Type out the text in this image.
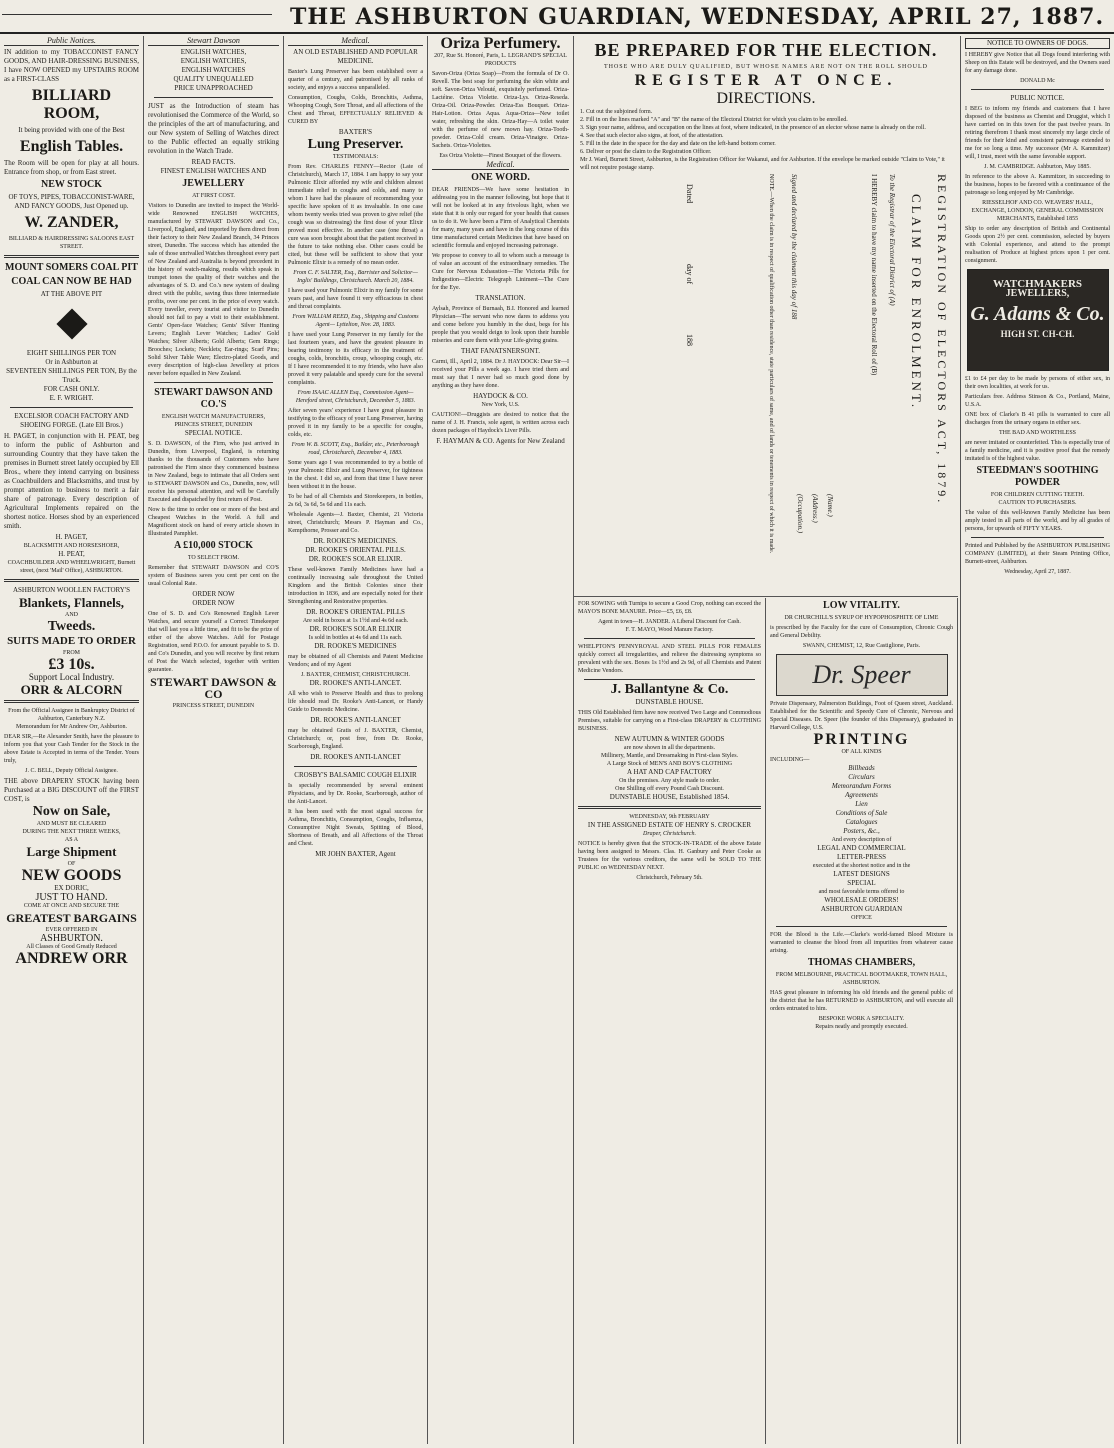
THE ASHBURTON GUARDIAN, WEDNESDAY, APRIL 27, 1887.
Public Notices.
IN addition to my TOBACCONIST FANCY GOODS, AND HAIR-DRESSING BUSINESS, I have NOW OPENED my UPSTAIRS ROOM as a FIRST-CLASS
BILLIARD ROOM,
It being provided with one of the Best
English Tables.
The Room will be open for play at all hours. Entrance from shop, or from East street.
NEW STOCK
OF TOYS, PIPES, TOBACCONIST-WARE, AND FANCY GOODS, Just Opened up.
W. ZANDER,
BILLIARD & HAIRDRESSING SALOONS EAST STREET.
MOUNT SOMERS COAL PIT
COAL CAN NOW BE HAD
AT THE ABOVE PIT
EIGHT SHILLINGS PER TON
Or in Ashburton at
SEVENTEEN SHILLINGS PER TON, By the Truck.
FOR CASH ONLY.
E. F. WRIGHT.
EXCELSIOR COACH FACTORY AND SHOEING FORGE. (Late Ell Bros.)
H. PAGET, in conjunction with H. PEAT, beg to inform the public of Ashburton and surrounding Country that they have taken the premises in Burnett street lately occupied by Ell Bros., where they intend carrying on business as Coachbuilders and Blacksmiths, and trust by prompt attention to business to merit a fair share of patronage. Every description of Agricultural Implements repaired on the shortest notice. Horses shod by an experienced smith.
H. PAGET,
BLACKSMITH AND HORSESHOER,
H. PEAT,
COACHBUILDER AND WHEELWRIGHT, Burnett street, (next 'Mail' Office), ASHBURTON.
ASHBURTON WOOLLEN FACTORY'S
Blankets, Flannels,
AND
Tweeds.
SUITS MADE TO ORDER
FROM
£3 10s.
Support Local Industry.
ORR & ALCORN
From the Official Assignee in Bankruptcy District of Ashburton, Canterbury N.Z.
Memorandum for Mr Andrew Orr, Ashburton.
DEAR SIR,—Re Alexander Smith, have the pleasure to inform you that your Cash Tender for the Stock in the above Estate is Accepted in terms of the Tender. Yours truly,
J. C. BELL, Deputy Official Assignee.
THE above DRAPERY STOCK having been Purchased at a BIG DISCOUNT off the FIRST COST, is
Now on Sale,
AND MUST BE CLEARED
DURING THE NEXT THREE WEEKS,
AS A
Large Shipment
OF
NEW GOODS
EX DORIC,
JUST TO HAND.
COME AT ONCE AND SECURE THE
GREATEST BARGAINS
EVER OFFERED IN
ASHBURTON.
All Classes of Good Greatly Reduced
ANDREW ORR
Stewart Dawson
ENGLISH WATCHES,
ENGLISH WATCHES,
ENGLISH WATCHES
QUALITY UNEQUALLED
PRICE UNAPPROACHED
JUST as the Introduction of steam has revolutionised the Commerce of the World, so the principles of the art of manufacturing, and our New system of Selling of Watches direct to the Public effected an equally striking revolution in the Watch Trade.
READ FACTS.
FINEST ENGLISH WATCHES AND
JEWELLERY
AT FIRST COST.
Visitors to Dunedin are invited to inspect the World-wide Renowned ENGLISH WATCHES, manufactured by STEWART DAWSON and Co., Liverpool, England, and imported by them direct from their factory to their New Zealand Branch, 34 Princes street, Dunedin. The success which has attended the sale of those unrivalled Watches throughout every part of New Zealand and Australia is beyond precedent in the history of watch-making, results which speak in trumpet tones the quality of their watches and the advantages of S. D. and Co.'s new system of dealing direct with the public, saving thus three intermediate profits, over one per cent. in the price of every watch. Every traveller, every tourist and visitor to Dunedin should not fail to pay a visit to their establishment. Gents' Open-face Watches; Gents' Silver Hunting Levers; English Lever Watches; Ladies' Gold Watches; Silver Alberts; Gold Alberts; Gem Rings; Brooches; Lockets; Necklets; Ear-rings; Scarf Pins; Solid Silver Table Ware; Electro-plated Goods, and every description of high-class Jewellery at prices never before equalled in New Zealand.
STEWART DAWSON AND CO.'S
ENGLISH WATCH MANUFACTURERS,
PRINCES STREET, DUNEDIN
SPECIAL NOTICE.
S. D. DAWSON, of the Firm, who just arrived in Dunedin, from Liverpool, England, is returning thanks to the thousands of Customers who have patronised the Firm since they commenced business in New Zealand, begs to intimate that all Orders sent to STEWART DAWSON and Co., Dunedin, now, will receive his personal attention, and will be Carefully Executed and dispatched by first return of Post.
Now is the time to order one or more of the best and Cheapest Watches in the World. A full and Magnificent stock on hand of every article shown in Illustrated Pamphlet.
A £10,000 STOCK
TO SELECT FROM.
Remember that STEWART DAWSON and CO'S system of Business saves you cent per cent on the usual Colonial Rate.
ORDER NOW
ORDER NOW
One of S. D. and Co's Renowned English Lever Watches, and secure yourself a Correct Timekeeper that will last you a little time, and fit to be the prize of either of the above Watches. Add for Postage Registration, send P.O.O. for amount payable to S. D. and Co's Dunedin, and you will receive by first return of Post the Watch selected, together with written guarantee.
STEWART DAWSON & CO
PRINCESS STREET, DUNEDIN
Medical.
AN OLD ESTABLISHED AND POPULAR MEDICINE.
Baxter's Lung Preserver has been established over a quarter of a century, and patronised by all ranks of society, and enjoys a success unparalleled.
Consumption, Coughs, Colds, Bronchitis, Asthma, Whooping Cough, Sore Throat, and all affections of the Chest and Throat, EFFECTUALLY RELIEVED & CURED BY
BAXTER'S
Lung Preserver.
TESTIMONIALS:
From Rev. CHARLES FENNY—Rector (Late of Christchurch), March 17, 1884. I am happy to say your Pulmonic Elixir afforded my wife and children almost immediate relief in coughs and colds, and many to whom I have had the pleasure of recommending your specific have spoken of it as invaluable. In one case whom twenty weeks tried was proven to give relief (the cough was so distressing) the first dose of your Elixir proved most effective. In another case (one throat) a cure was soon brought about that the patient received in the future to take nothing else. Other cases could be cited, but these will be sufficient to show that your Pulmonic Elixir is a remedy of no mean order.
From C. F. SALTER, Esq., Barrister and Solicitor— Inglis' Buildings, Christchurch. March 20, 1884.
I have used your Pulmonic Elixir in my family for some years past, and have found it very efficacious in chest and throat complaints.
From WILLIAM REED, Esq., Shipping and Customs Agent— Lyttelton, Nov. 28, 1883.
I have used your Lung Preserver in my family for the last fourteen years, and have the greatest pleasure in bearing testimony to its efficacy in the treatment of coughs, colds, bronchitis, croup, whooping cough, etc. If I have recommended it to my friends, who have also proved it very palatable and speedy cure for the several complaints.
From ISAAC ALLEN Esq., Commission Agent— Hereford street, Christchurch, December 5, 1883.
After seven years' experience I have great pleasure in testifying to the efficacy of your Lung Preserver, having proved it in my family to be a specific for coughs, colds, etc.
From W. B. SCOTT, Esq., Builder, etc., Peterborough road, Christchurch, December 4, 1883.
Some years ago I was recommended to try a bottle of your Pulmonic Elixir and Lung Preserver, for tightness in the chest. I did so, and from that time I have never been without it in the house.
To be had of all Chemists and Storekeepers, in bottles, 2s 6d, 3s 6d, 5s 6d and 11s each.
Wholesale Agents—J. Baxter, Chemist, 21 Victoria street, Christchurch; Messrs P. Hayman and Co., Kempthorne, Prosser and Co.
DR. ROOKE'S MEDICINES.
DR. ROOKE'S ORIENTAL PILLS.
DR. ROOKE'S SOLAR ELIXIR.
These well-known Family Medicines have had a continually increasing sale throughout the United Kingdom and the British Colonies since their introduction in 1836, and are especially noted for their Strengthening and Restorative properties.
DR. ROOKE'S ORIENTAL PILLS
Are sold in boxes at 1s 1½d and 4s 6d each.
DR. ROOKE'S SOLAR ELIXIR
Is sold in bottles at 4s 6d and 11s each.
DR. ROOKE'S MEDICINES
may be obtained of all Chemists and Patent Medicine Vendors; and of my Agent
J. BAXTER, CHEMIST, CHRISTCHURCH.
DR. ROOKE'S ANTI-LANCET.
All who wish to Preserve Health and thus to prolong life should read Dr. Rooke's Anti-Lancet, or Handy Guide to Domestic Medicine.
DR. ROOKE'S ANTI-LANCET
may be obtained Gratis of J. BAXTER, Chemist, Christchurch; or, post free, from Dr. Rooke, Scarborough, England.
DR. ROOKE'S ANTI-LANCET
CROSBY'S BALSAMIC COUGH ELIXIR
Is specially recommended by several eminent Physicians, and by Dr. Rooke, Scarborough, author of the Anti-Lancet.
It has been used with the most signal success for Asthma, Bronchitis, Consumption, Coughs, Influenza, Consumptive Night Sweats, Spitting of Blood, Shortness of Breath, and all Affections of the Throat and Chest.
MR JOHN BAXTER, Agent
Oriza Perfumery.
207, Rue St. Honoré, Paris, L. LEGRAND'S SPECIAL PRODUCTS
Savon-Oriza (Oriza Soap)—From the formula of Dr O. Revell. The best soap for perfuming the skin white and soft. Savon-Oriza Velouté, exquisitely perfumed. Oriza-Lactéine. Oriza Violette. Oriza-Lys. Oriza-Reseda. Oriza-Oil. Oriza-Powder. Oriza-Ess Bouquet. Oriza-Hair-Lotion. Oriza Aqua. Aqua-Oriza—New toilet water, refreshing the skin. Oriza-Hay—A toilet water with the perfume of new mown hay. Oriza-Tooth-powder. Oriza-Cold cream. Oriza-Vinaigre. Oriza-Sachets. Oriza-Violettes.
Ess Oriza Violette—Finest Bouquet of the flowers.
Medical.
ONE WORD.
DEAR FRIENDS—We have some hesitation in addressing you in the manner following, but hope that it will not be looked at in any frivolous light, when we state that it is only our regard for your health that causes us to do it. We have been a Firm of Analytical Chemists for many, many years and have in the long course of this time manufactured certain Medicines that have based on scientific formula and enjoyed increasing patronage.
We propose to convey to all to whom such a message is of value an account of the extraordinary remedies. The Cure for Nervous Exhaustion—The Victoria Pills for Indigestion—Electric Telegraph Liniment—The Cure for the Eye.
TRANSLATION.
Aylsah, Province of Burnaah, B.I. Honored and learned Physician—The servant who now dares to address you and come before you humbly in the dust, begs for his people that you would deign to look upon their humble miseries and cure them with your Life-giving grains.
THAT FANATSNERSONT.
Carmi, Ill., April 2, 1884. Dr J. HAYDOCK: Dear Sir—I received your Pills a week ago. I have tried them and must say that I never had so much good done by anything as they have done.
HAYDOCK & CO.
New York, U.S.
CAUTION!—Druggists are desired to notice that the name of J. H. Francis, sole agent, is written across each dozen packages of Haydock's Liver Pills.
F. HAYMAN & CO. Agents for New Zealand
BE PREPARED FOR THE ELECTION.
THOSE WHO ARE DULY QUALIFIED, BUT WHOSE NAMES ARE NOT ON THE ROLL SHOULD
REGISTER AT ONCE.
DIRECTIONS.
1. Cut out the subjoined form.
2. Fill in on the lines marked "A" and "B" the name of the Electoral District for which you claim to be enrolled.
3. Sign your name, address, and occupation on the lines at foot, where indicated, in the presence of an elector whose name is already on the roll.
4. See that such elector also signs, at foot, of the attestation.
5. Fill in the date in the space for the day and date on the left-hand bottom corner.
6. Deliver or post the claim to the Registration Officer.
Mr J. Ward, Burnett Street, Ashburton, is the Registration Officer for Wakanui, and for Ashburton. If the envelope be marked outside "Claim to Vote," it will not require postage stamp.
REGISTRATION OF ELECTORS ACT, 1879.
CLAIM FOR ENROLMENT.
To the Registrar of the Electoral District of (A)
I HEREBY claim to have my name inserted on the Electoral Roll of (B)
Signed and declared by the claimant this day of 188
NOTE.—When the claim is in respect of qualification other than residence, state particulars of same, and of lands or tenements in respect of which it is made.	(Name.)
(Address.)
(Occupation.)
Dated
day of
188
FOR SOWING with Turnips to secure a Good Crop, nothing can exceed the MAYO'S BONE MANURE. Price—£5, £6, £8.
Agent in town—H. JANDER. A Liberal Discount for Cash.
F. T. MAYO, Wood Manure Factory.
WHELPTON'S PENNYROYAL AND STEEL PILLS FOR FEMALES quickly correct all irregularities, and relieve the distressing symptoms so prevalent with the sex. Boxes 1s 1½d and 2s 9d, of all Chemists and Patent Medicine Vendors.
J. Ballantyne & Co.
DUNSTABLE HOUSE.
THIS Old Established firm have now received Two Large and Commodious Premises, suitable for carrying on a First-class DRAPERY & CLOTHING BUSINESS.
NEW AUTUMN & WINTER GOODS
are now shown in all the departments.
Millinery, Mantle, and Dressmaking in First-class Styles.
A Large Stock of MEN'S AND BOY'S CLOTHING
A HAT AND CAP FACTORY
On the premises. Any style made to order.
One Shilling off every Pound Cash Discount.
DUNSTABLE HOUSE, Established 1854.
WEDNESDAY, 9th FEBRUARY
IN THE ASSIGNED ESTATE OF HENRY S. CROCKER
Draper, Christchurch.
NOTICE is hereby given that the STOCK-IN-TRADE of the above Estate having been assigned to Messrs. Clas. H. Ganbury and Peter Cooke as Trustees for the various creditors, the same will be SOLD TO THE PUBLIC on WEDNESDAY NEXT.
Christchurch, February 5th.
LOW VITALITY.
DR CHURCHILL'S SYRUP OF HYPOPHOSPHITE OF LIME
is prescribed by the Faculty for the cure of Consumption, Chronic Cough and General Debility.
SWANN, CHEMIST, 12, Rue Castiglione, Paris.
Dr. Speer
Private Dispensary, Palmerston Buildings, Foot of Queen street, Auckland. Established for the Scientific and Speedy Cure of Chronic, Nervous and Special Diseases. Dr. Speer (the founder of this Dispensary), graduated in Harvard College, U.S.
PRINTING
OF ALL KINDS
INCLUDING—
Billheads
Circulars
Memorandum Forms
Agreements
Lien
Conditions of Sale
Catalogues
Posters, &c.,
And every description of
LEGAL AND COMMERCIAL
LETTER-PRESS
executed at the shortest notice and in the
LATEST DESIGNS
SPECIAL
and most favorable terms offered to
WHOLESALE ORDERS!
ASHBURTON GUARDIAN
OFFICE
FOR the Blood is the Life.—Clarke's world-famed Blood Mixture is warranted to cleanse the blood from all impurities from whatever cause arising.
THOMAS CHAMBERS,
FROM MELBOURNE, PRACTICAL BOOTMAKER, TOWN HALL, ASHBURTON.
HAS great pleasure in informing his old friends and the general public of the district that he has RETURNED to ASHBURTON, and will execute all orders entrusted to him.
BESPOKE WORK A SPECIALTY.
Repairs neatly and promptly executed.
NOTICE TO OWNERS OF DOGS.
I HEREBY give Notice that all Dogs found interfering with Sheep on this Estate will be destroyed, and the Owners sued for any damage done.
DONALD Mc
PUBLIC NOTICE.
I BEG to inform my friends and customers that I have disposed of the business as Chemist and Druggist, which I have carried on in this town for the past twelve years. In retiring therefrom I thank most sincerely my large circle of friends for their kind and consistent patronage extended to me for so long a time. My successor (Mr A. Kammitzer) will, I trust, meet with the same favorable support.
J. M. CAMBRIDGE. Ashburton, May 1885.
In reference to the above A. Kammitzer, in succeeding to the business, hopes to be favored with a continuance of the patronage so long enjoyed by Mr Cambridge.
RIESSELHOF AND CO. WEAVERS' HALL, EXCHANGE, LONDON, GENERAL COMMISSION MERCHANTS, Established 1855
Ship to order any description of British and Continental Goods upon 2½ per cent. commission, selected by buyers with Colonial experience, and attend to the prompt realisation of Produce at highest prices upon 1 per cent. consignment.
WATCHMAKERS
JEWELLERS,
G. Adams & Co.
HIGH ST. CH-CH.
£1 to £4 per day to be made by persons of either sex, in their own localities, at work for us.
Particulars free. Address Stinson & Co., Portland, Maine, U.S.A.
ONE box of Clarke's B 41 pills is warranted to cure all discharges from the urinary organs in either sex.
THE BAD AND WORTHLESS
are never imitated or counterfeited. This is especially true of a family medicine, and it is positive proof that the remedy imitated is of the highest value.
STEEDMAN'S SOOTHING POWDER
FOR CHILDREN CUTTING TEETH.
CAUTION TO PURCHASERS.
The value of this well-known Family Medicine has been amply tested in all parts of the world, and by all grades of persons, for upwards of FIFTY YEARS.
Printed and Published by the ASHBURTON PUBLISHING COMPANY (LIMITED), at their Steam Printing Office, Burnett-street, Ashburton.
Wednesday, April 27, 1887.
